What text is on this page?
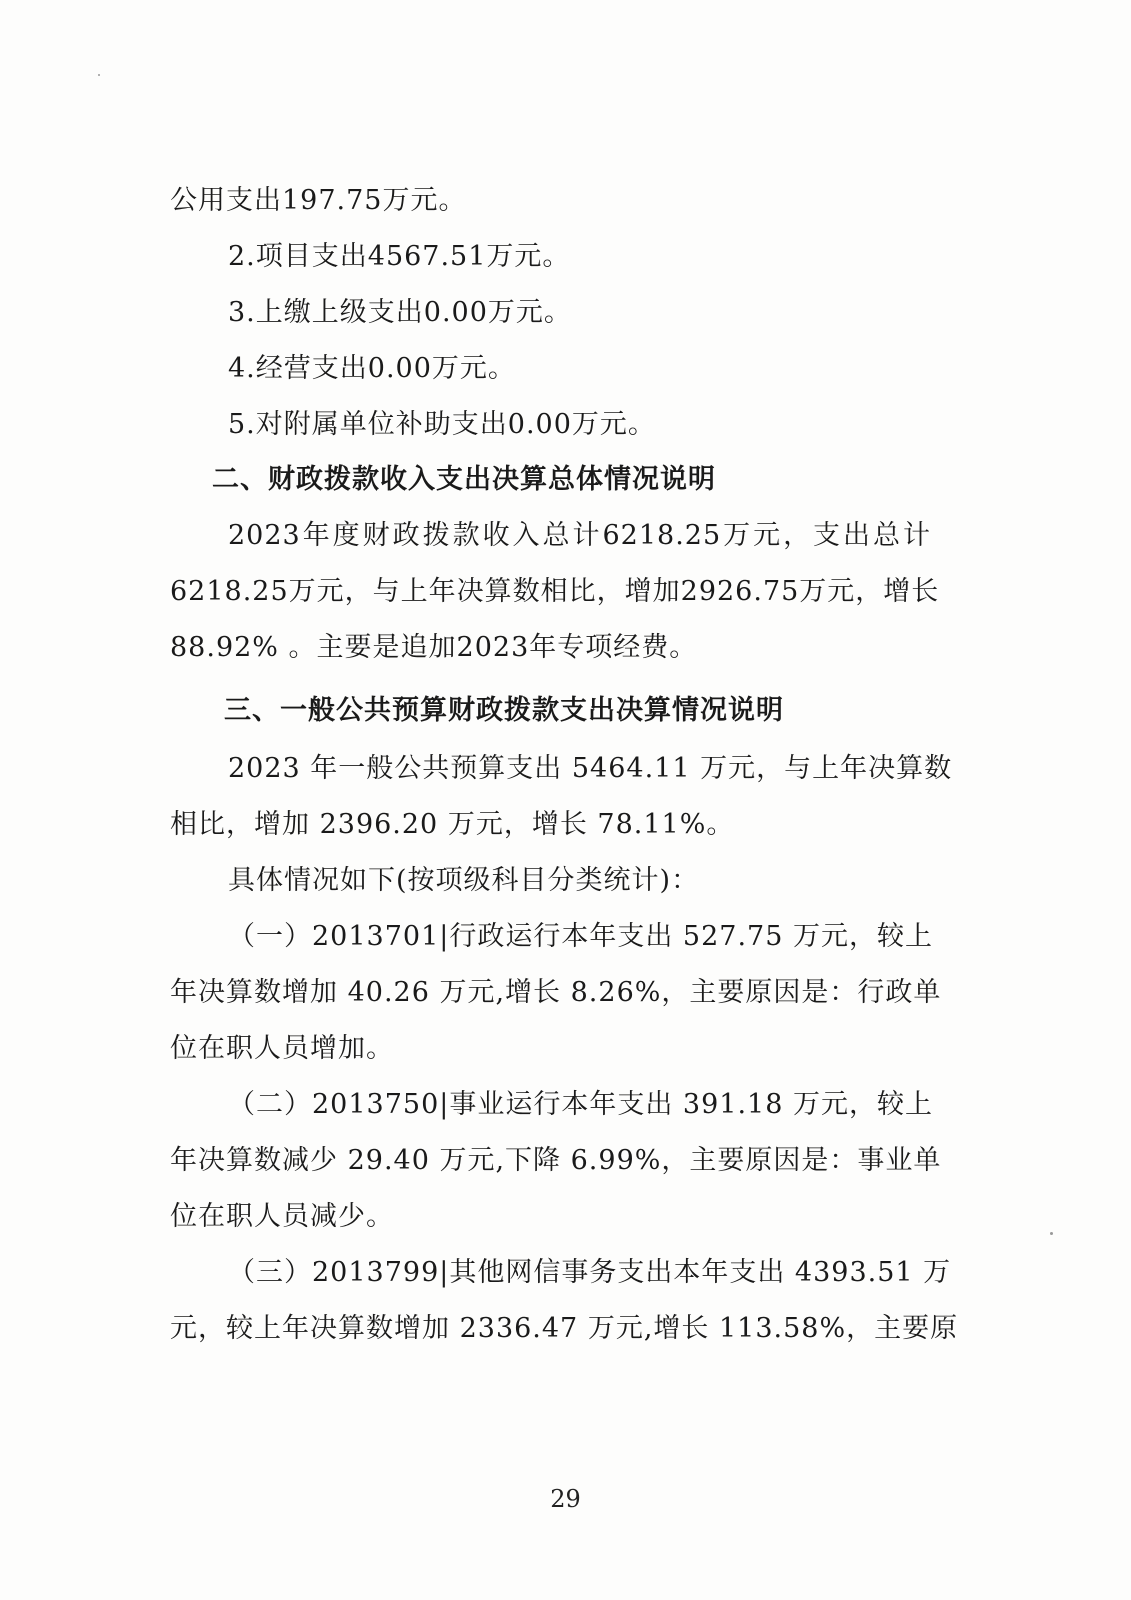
公用支出197.75万元。
2.项目支出4567.51万元。
3.上缴上级支出0.00万元。
4.经营支出0.00万元。
5.对附属单位补助支出0.00万元。
二、财政拨款收入支出决算总体情况说明
2023年度财政拨款收入总计6218.25万元，支出总计
6218.25万元，与上年决算数相比，增加2926.75万元，增长
88.92% 。主要是追加2023年专项经费。
三、一般公共预算财政拨款支出决算情况说明
2023 年一般公共预算支出 5464.11 万元，与上年决算数
相比，增加 2396.20 万元，增长 78.11%。
具体情况如下(按项级科目分类统计)：
（一）2013701|行政运行本年支出 527.75 万元，较上
年决算数增加 40.26 万元,增长 8.26%，主要原因是：行政单
位在职人员增加。
（二）2013750|事业运行本年支出 391.18 万元，较上
年决算数减少 29.40 万元,下降 6.99%，主要原因是：事业单
位在职人员减少。
（三）2013799|其他网信事务支出本年支出 4393.51 万
元，较上年决算数增加 2336.47 万元,增长 113.58%，主要原
29
